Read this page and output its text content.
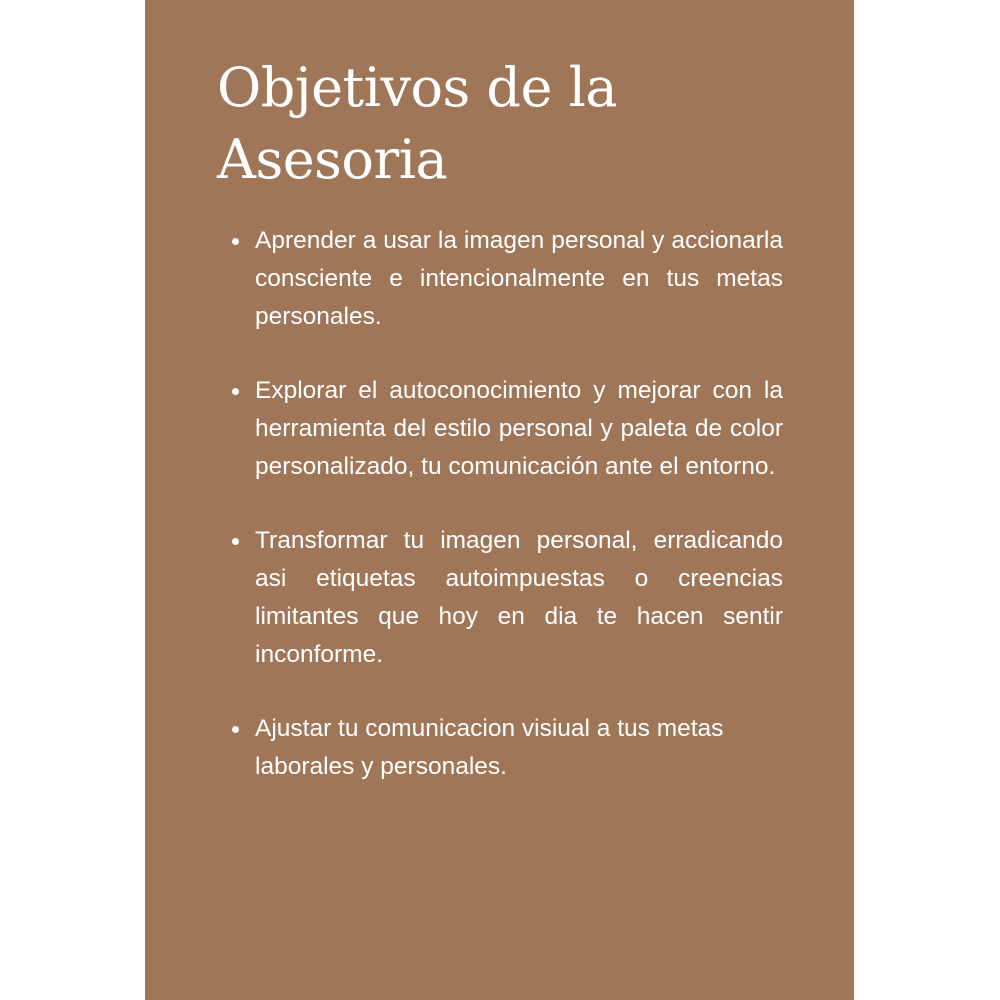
Objetivos de la
Asesoria
Aprender a usar la imagen personal y accionarla consciente e intencionalmente en tus metas personales.
Explorar el autoconocimiento y mejorar con la herramienta del estilo personal y paleta de color personalizado, tu comunicación ante el entorno.
Transformar tu imagen personal, erradicando asi etiquetas autoimpuestas o creencias limitantes que hoy en dia te hacen sentir inconforme.
Ajustar tu comunicacion visiual a tus metas laborales y personales.
